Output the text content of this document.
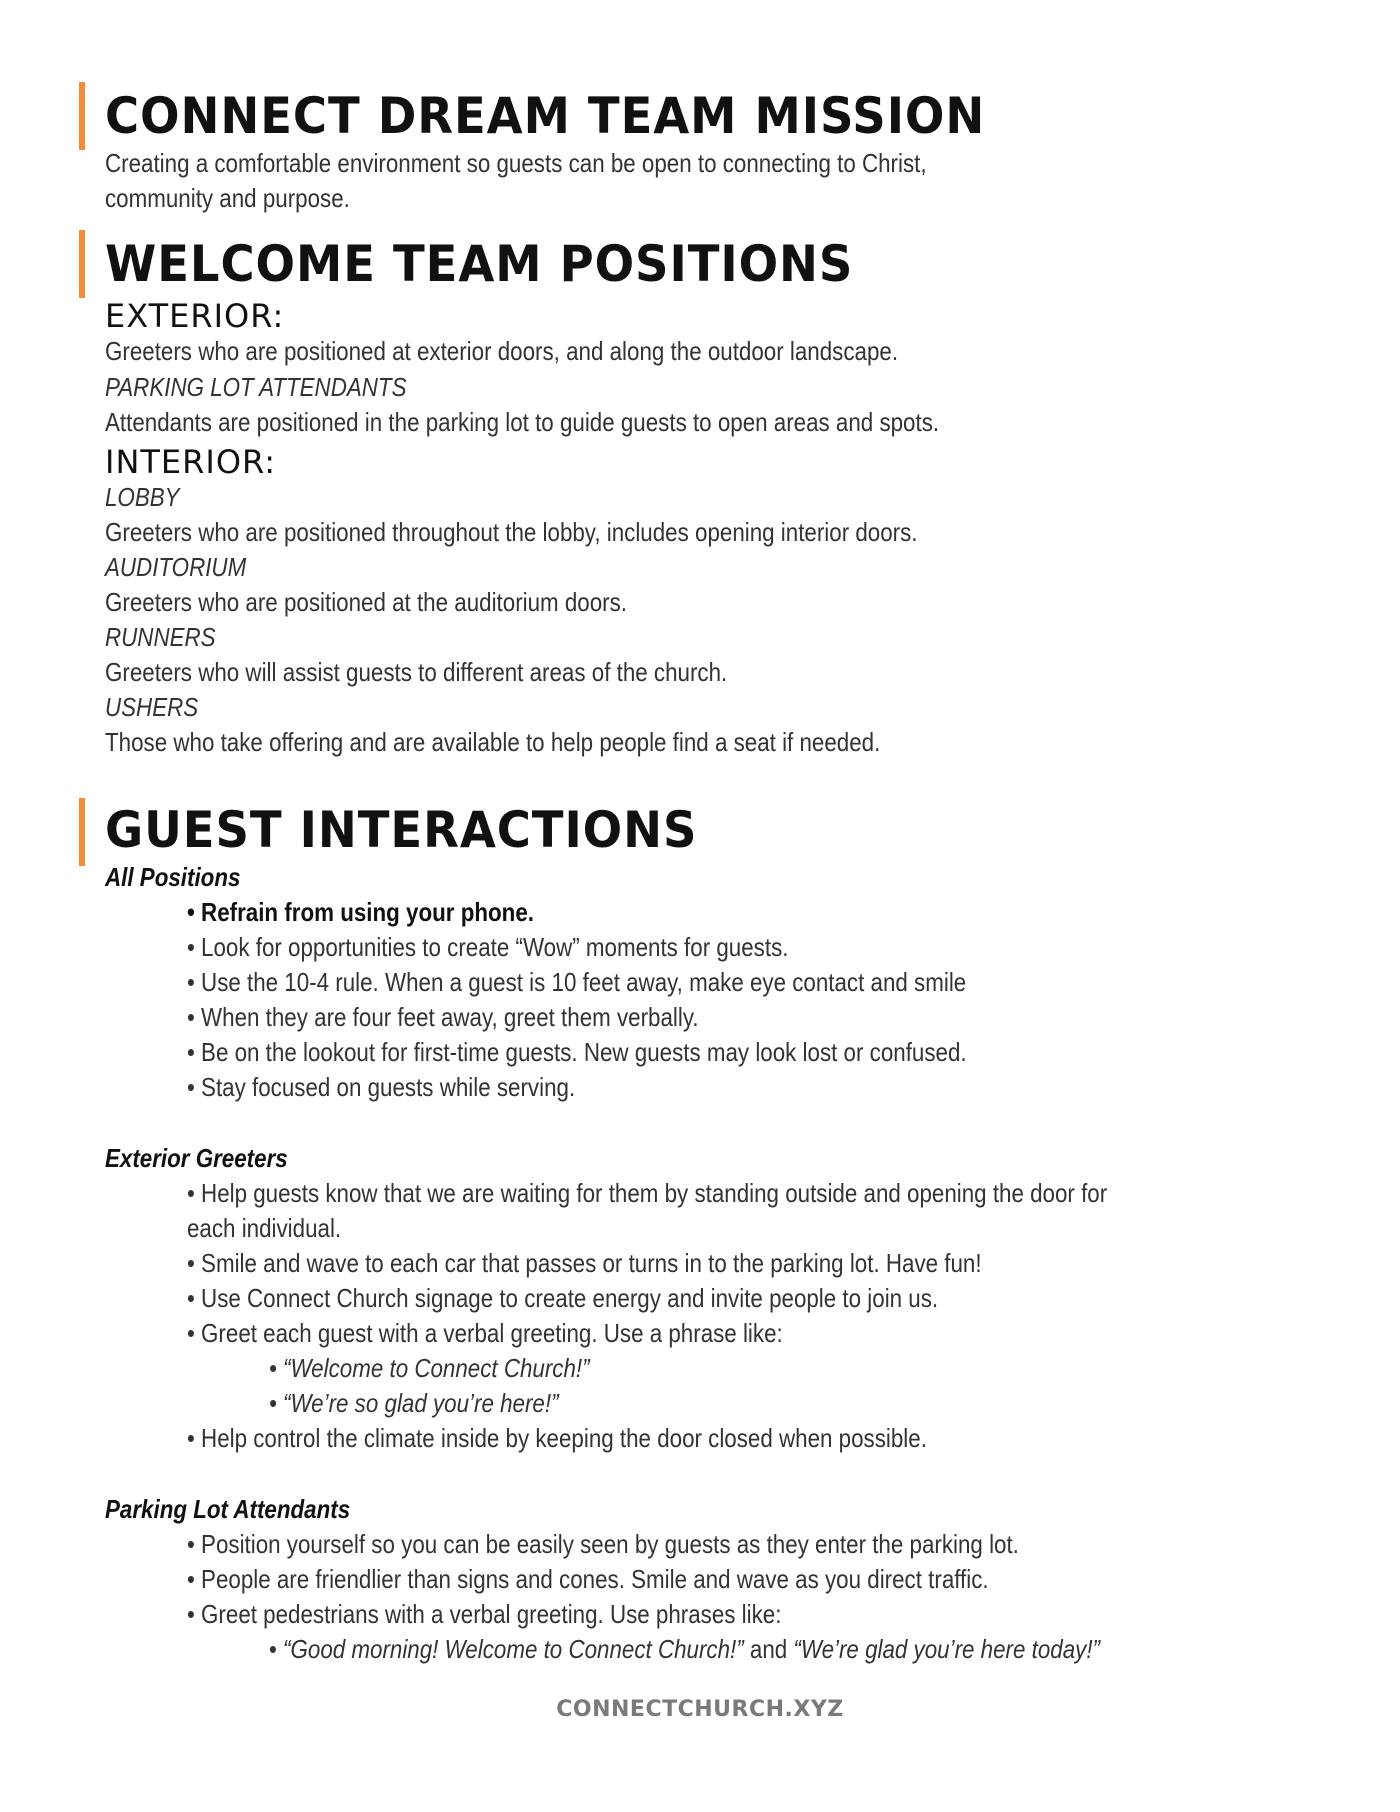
CONNECT DREAM TEAM MISSION

Creating a comfortable environment so guests can be open to connecting to Christ,

community and purpose.

WELCOME TEAM POSITIONS

EXTERIOR:

Greeters who are positioned at exterior doors, and along the outdoor landscape.

PARKING LOT ATTENDANTS

Attendants are positioned in the parking lot to guide guests to open areas and spots.

INTERIOR:

LOBBY

Greeters who are positioned throughout the lobby, includes opening interior doors.

AUDITORIUM

Greeters who are positioned at the auditorium doors.

RUNNERS

Greeters who will assist guests to different areas of the church.

USHERS

Those who take offering and are available to help people find a seat if needed.

GUEST INTERACTIONS

All Positions

• Refrain from using your phone.
• Look for opportunities to create “Wow” moments for guests.
• Use the 10-4 rule. When a guest is 10 feet away, make eye contact and smile
• When they are four feet away, greet them verbally.
• Be on the lookout for first-time guests. New guests may look lost or confused.
• Stay focused on guests while serving.

Exterior Greeters

• Help guests know that we are waiting for them by standing outside and opening the door for
each individual.
• Smile and wave to each car that passes or turns in to the parking lot. Have fun!
• Use Connect Church signage to create energy and invite people to join us.
• Greet each guest with a verbal greeting. Use a phrase like:
• “Welcome to Connect Church!”
• “We’re so glad you’re here!”
• Help control the climate inside by keeping the door closed when possible.

Parking Lot Attendants

• Position yourself so you can be easily seen by guests as they enter the parking lot.
• People are friendlier than signs and cones. Smile and wave as you direct traffic.
• Greet pedestrians with a verbal greeting. Use phrases like:
• “Good morning! Welcome to Connect Church!” and “We’re glad you’re here today!”
CONNECTCHURCH.XYZ
